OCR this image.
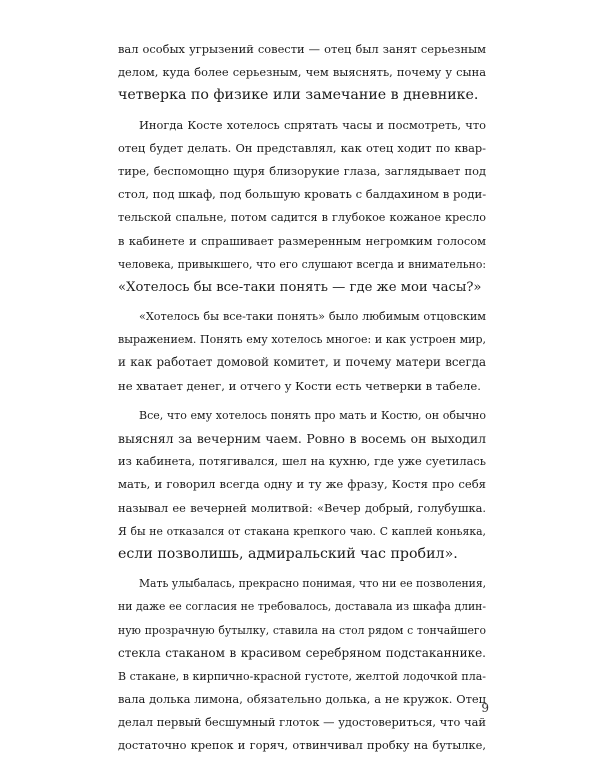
вал особых угрызений совести — отец был занят серьезным
делом, куда более серьезным, чем выяснять, почему у сына
четверка по физике или замечание в дневнике.
Иногда Косте хотелось спрятать часы и посмотреть, что
отец будет делать. Он представлял, как отец ходит по квар-
тире, беспомощно щуря близорукие глаза, заглядывает под
стол, под шкаф, под большую кровать с балдахином в роди-
тельской спальне, потом садится в глубокое кожаное кресло
в кабинете и спрашивает размеренным негромким голосом
человека, привыкшего, что его слушают всегда и внимательно:
«Хотелось бы все-таки понять — где же мои часы?»
«Хотелось бы все-таки понять» было любимым отцовским
выражением. Понять ему хотелось многое: и как устроен мир,
и как работает домовой комитет, и почему матери всегда
не хватает денег, и отчего у Кости есть четверки в табеле.
Все, что ему хотелось понять про мать и Костю, он обычно
выяснял за вечерним чаем. Ровно в восемь он выходил
из кабинета, потягивался, шел на кухню, где уже суетилась
мать, и говорил всегда одну и ту же фразу, Костя про себя
называл ее вечерней молитвой: «Вечер добрый, голубушка.
Я бы не отказался от стакана крепкого чаю. С каплей коньяка,
если позволишь, адмиральский час пробил».
Мать улыбалась, прекрасно понимая, что ни ее позволения,
ни даже ее согласия не требовалось, доставала из шкафа длин-
ную прозрачную бутылку, ставила на стол рядом с тончайшего
стекла стаканом в красивом серебряном подстаканнике.
В стакане, в кирпично-красной густоте, желтой лодочкой пла-
вала долька лимона, обязательно долька, а не кружок. Отец
делал первый бесшумный глоток — удостовериться, что чай
достаточно крепок и горяч, отвинчивал пробку на бутылке,
9
